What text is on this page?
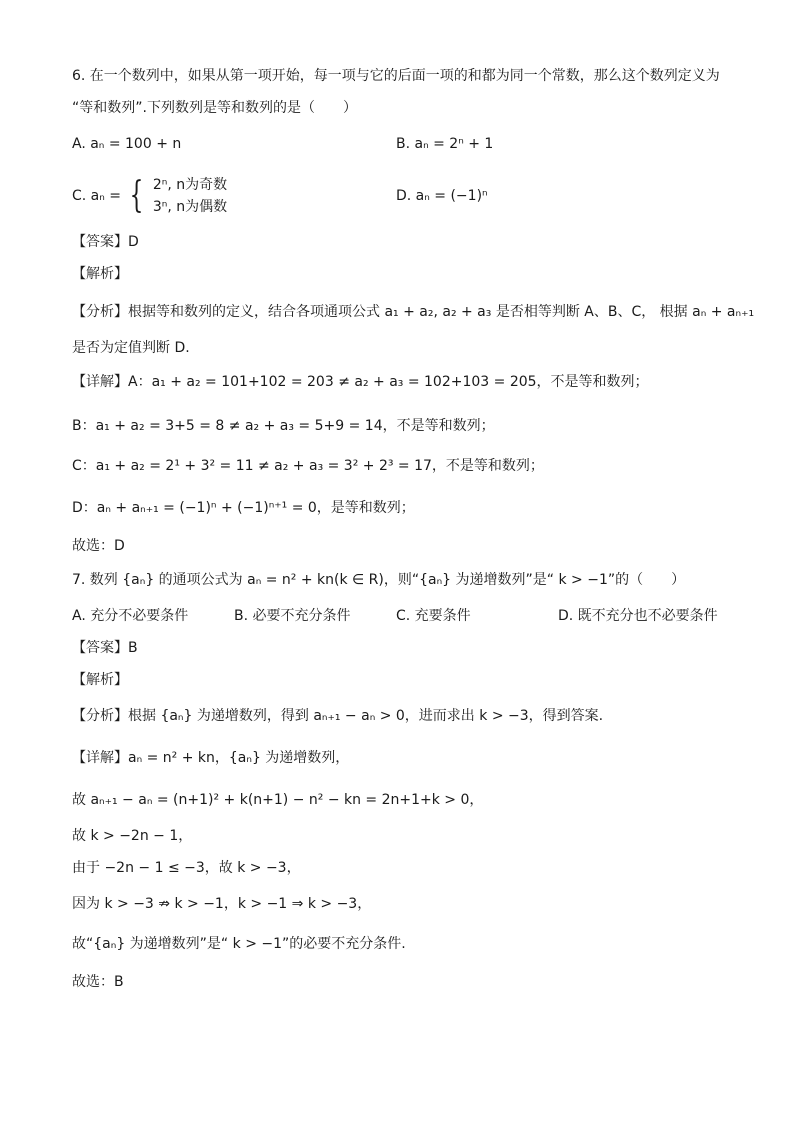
6. 在一个数列中，如果从第一项开始，每一项与它的后面一项的和都为同一个常数，那么这个数列定义为
“等和数列”.下列数列是等和数列的是（　　）
A. aₙ = 100 + n	B. aₙ = 2ⁿ + 1
C. aₙ = { 2ⁿ, n为奇数
3ⁿ, n为偶数
D. aₙ = (−1)ⁿ
【答案】D
【解析】
【分析】根据等和数列的定义，结合各项通项公式 a₁ + a₂, a₂ + a₃ 是否相等判断 A、B、C， 根据 aₙ + aₙ₊₁
是否为定值判断 D.
【详解】A：a₁ + a₂ = 101+102 = 203 ≠ a₂ + a₃ = 102+103 = 205，不是等和数列；
B：a₁ + a₂ = 3+5 = 8 ≠ a₂ + a₃ = 5+9 = 14，不是等和数列；
C：a₁ + a₂ = 2¹ + 3² = 11 ≠ a₂ + a₃ = 3² + 2³ = 17，不是等和数列；
D：aₙ + aₙ₊₁ = (−1)ⁿ + (−1)ⁿ⁺¹ = 0，是等和数列；
故选：D
7. 数列 {aₙ} 的通项公式为 aₙ = n² + kn(k ∈ R)，则“{aₙ} 为递增数列”是“ k > −1”的（　　）
A. 充分不必要条件	B. 必要不充分条件	C. 充要条件	D. 既不充分也不必要条件
【答案】B
【解析】
【分析】根据 {aₙ} 为递增数列，得到 aₙ₊₁ − aₙ > 0，进而求出 k > −3，得到答案.
【详解】aₙ = n² + kn，{aₙ} 为递增数列，
故 aₙ₊₁ − aₙ = (n+1)² + k(n+1) − n² − kn = 2n+1+k > 0，
故 k > −2n − 1，
由于 −2n − 1 ≤ −3，故 k > −3，
因为 k > −3 ⇏ k > −1，k > −1 ⇒ k > −3，
故“{aₙ} 为递增数列”是“ k > −1”的必要不充分条件.
故选：B
